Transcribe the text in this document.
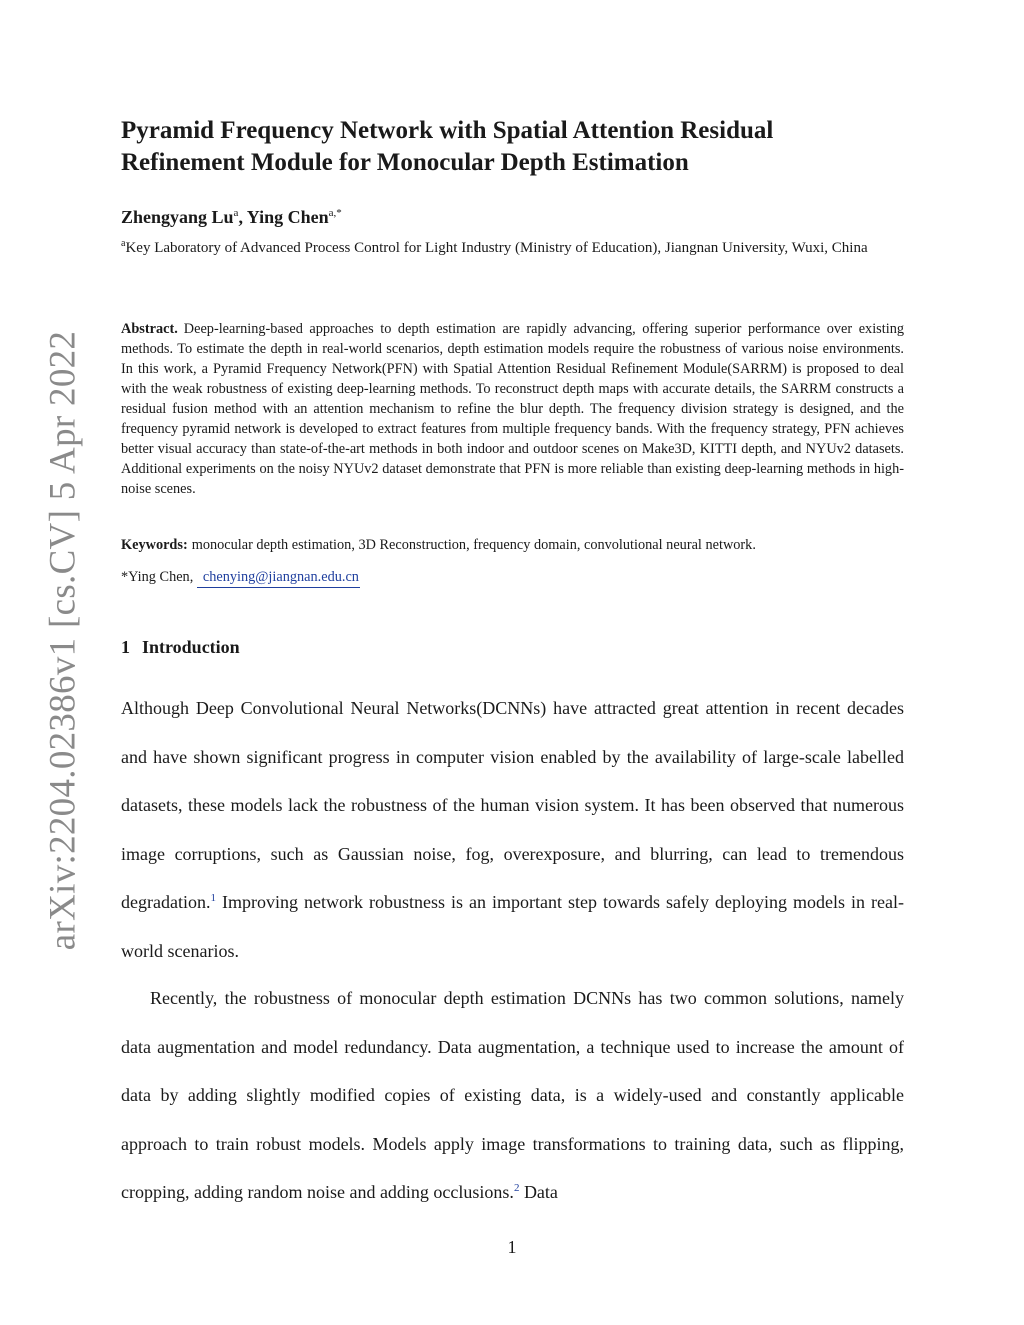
arXiv:2204.02386v1 [cs.CV] 5 Apr 2022
Pyramid Frequency Network with Spatial Attention Residual
Refinement Module for Monocular Depth Estimation

Zhengyang Lu$^a$, Ying Chen$^{a,*}$

$^a$Key Laboratory of Advanced Process Control for Light Industry (Ministry of Education), Jiangnan University, Wuxi, China

Abstract. Deep-learning-based approaches to depth estimation are rapidly advancing, offering superior performance over existing methods. To estimate the depth in real-world scenarios, depth estimation models require the robustness of various noise environments. In this work, a Pyramid Frequency Network(PFN) with Spatial Attention Residual Refinement Module(SARRM) is proposed to deal with the weak robustness of existing deep-learning methods. To reconstruct depth maps with accurate details, the SARRM constructs a residual fusion method with an attention mechanism to refine the blur depth. The frequency division strategy is designed, and the frequency pyramid network is developed to extract features from multiple frequency bands. With the frequency strategy, PFN achieves better visual accuracy than state-of-the-art methods in both indoor and outdoor scenes on Make3D, KITTI depth, and NYUv2 datasets. Additional experiments on the noisy NYUv2 dataset demonstrate that PFN is more reliable than existing deep-learning methods in high-noise scenes.

Keywords: monocular depth estimation, 3D Reconstruction, frequency domain, convolutional neural network.

*Ying Chen, chenying@jiangnan.edu.cn

1 Introduction

Although Deep Convolutional Neural Networks(DCNNs) have attracted great attention in recent decades and have shown significant progress in computer vision enabled by the availability of large-scale labelled datasets, these models lack the robustness of the human vision system. It has been observed that numerous image corruptions, such as Gaussian noise, fog, overexposure, and blurring, can lead to tremendous degradation.$^1$ Improving network robustness is an important step towards safely deploying models in real-world scenarios.

Recently, the robustness of monocular depth estimation DCNNs has two common solutions, namely data augmentation and model redundancy. Data augmentation, a technique used to increase the amount of data by adding slightly modified copies of existing data, is a widely-used and constantly applicable approach to train robust models. Models apply image transformations to training data, such as flipping, cropping, adding random noise and adding occlusions.$^2$ Data

1
